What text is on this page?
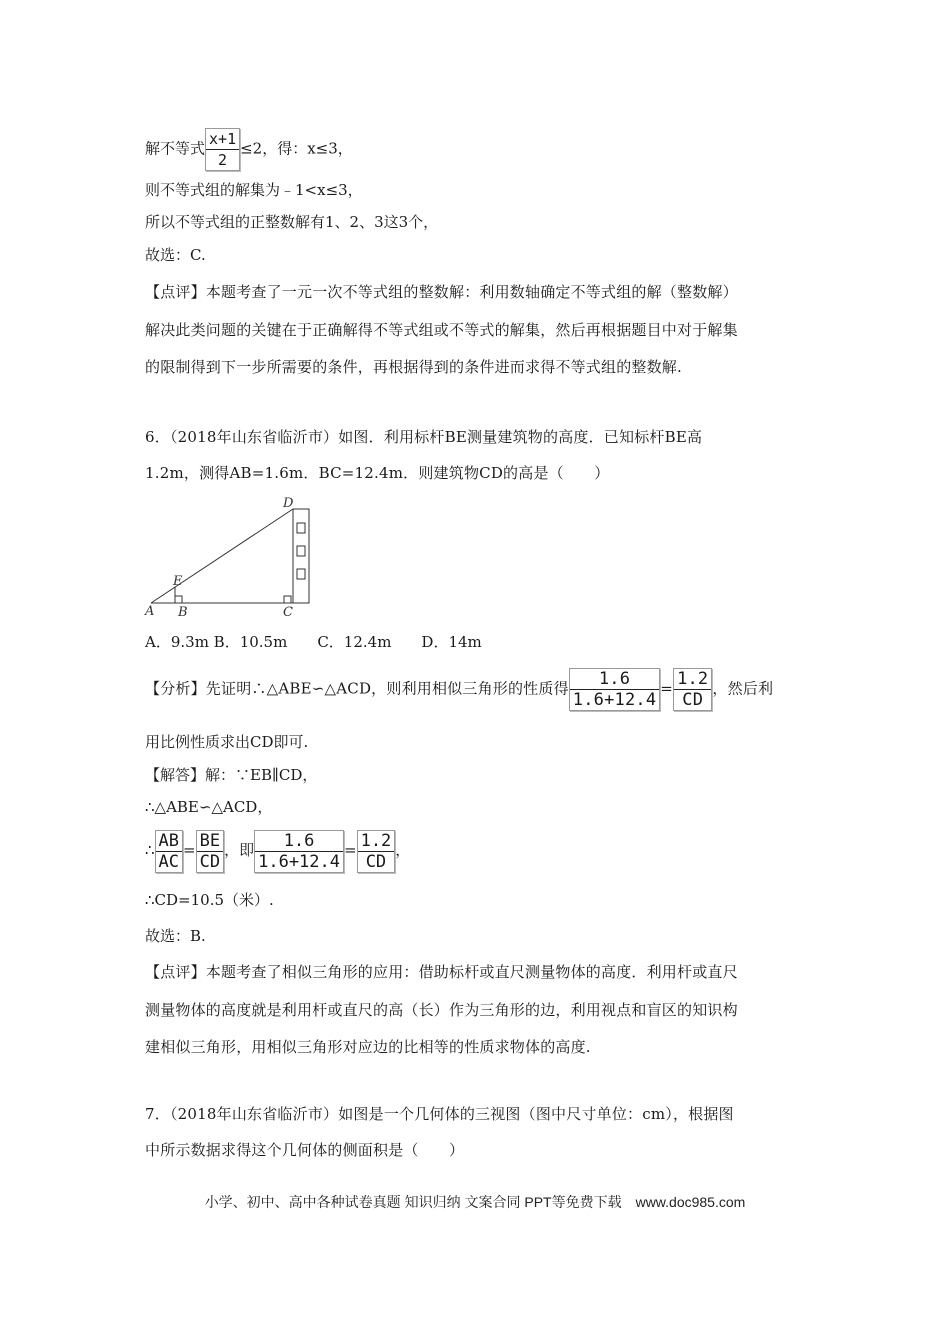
解不等式 $\frac{x+1}{2} \le 2$，得：x≤3，
则不等式组的解集为﹣1<x≤3，
所以不等式组的正整数解有1、2、3这3个，
故选：C.
【点评】本题考查了一元一次不等式组的整数解：利用数轴确定不等式组的解（整数解）
解决此类问题的关键在于正确解得不等式组或不等式的解集，然后再根据题目中对于解集
的限制得到下一步所需要的条件，再根据得到的条件进而求得不等式组的整数解.
6．（2018年山东省临沂市）如图．利用标杆BE测量建筑物的高度．已知标杆BE高
1.2m，测得AB=1.6m．BC=12.4m．则建筑物CD的高是（　　）
A B	C
D
E
A．9.3m B．10.5m　　C．12.4m　　D．14m
【分析】先证明∴△ABE∽△ACD，则利用相似三角形的性质得 $\frac{1.6}{1.6+12.4} = \frac{1.2}{CD}$ ，然后利
用比例性质求出CD即可.
【解答】解：∵EB∥CD，
∴△ABE∽△ACD，
∴ $\frac{AB}{AC} = \frac{BE}{CD}$ ，即 $\frac{1.6}{1.6+12.4} = \frac{1.2}{CD}$ ，
∴CD=10.5（米）.
故选：B.
【点评】本题考查了相似三角形的应用：借助标杆或直尺测量物体的高度．利用杆或直尺
测量物体的高度就是利用杆或直尺的高（长）作为三角形的边，利用视点和盲区的知识构
建相似三角形，用相似三角形对应边的比相等的性质求物体的高度.
7．（2018年山东省临沂市）如图是一个几何体的三视图（图中尺寸单位：cm），根据图
中所示数据求得这个几何体的侧面积是（　　）
小学、初中、高中各种试卷真题 知识归纳 文案合同 PPT等免费下载　www.doc985.com
